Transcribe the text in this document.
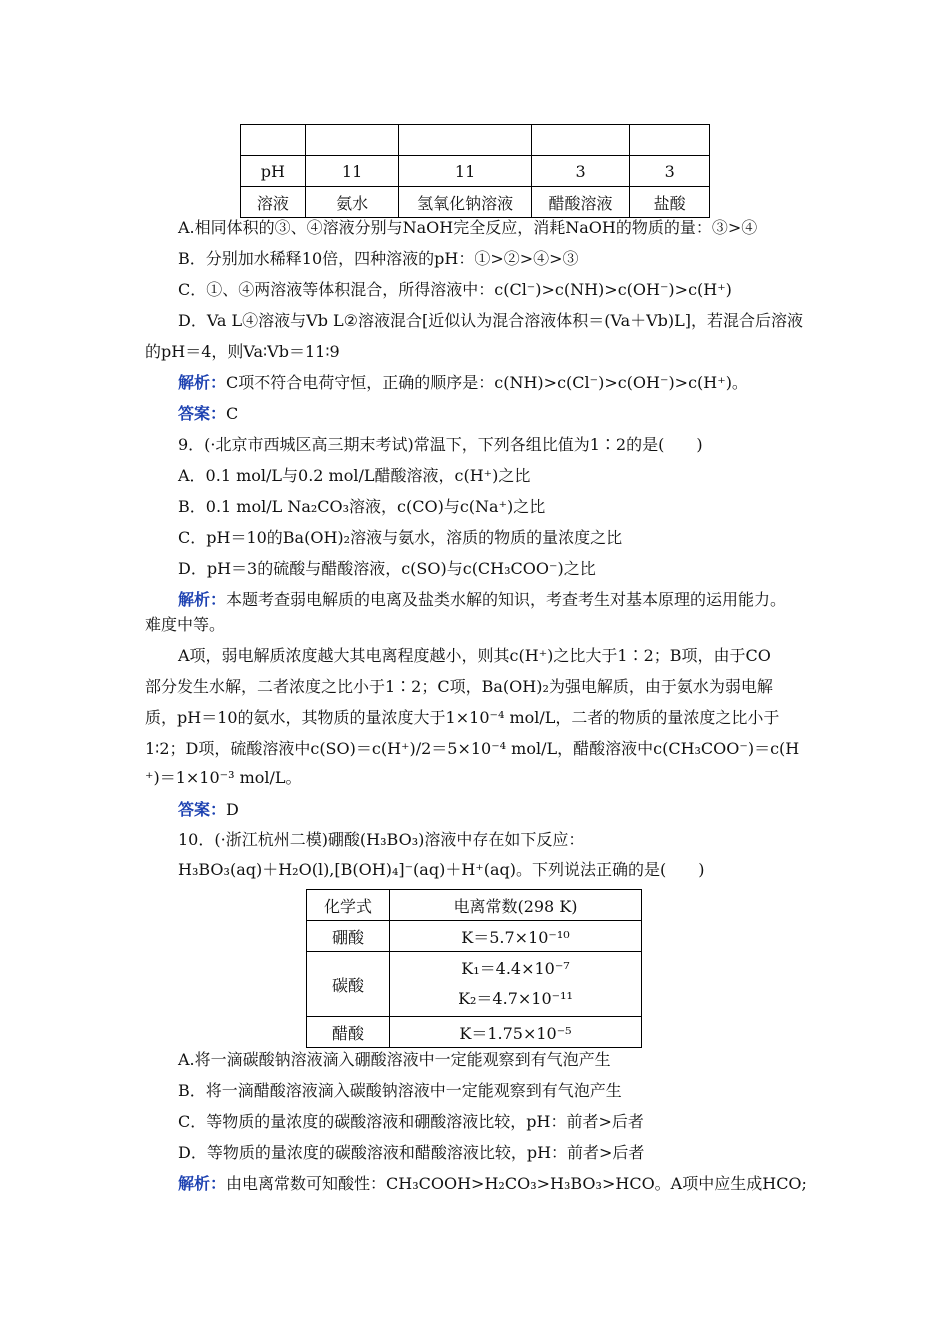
pH	11	11	3	3
溶液	氨水	氢氧化钠溶液	醋酸溶液	盐酸
A.相同体积的③、④溶液分别与NaOH完全反应，消耗NaOH的物质的量：③>④
B．分别加水稀释10倍，四种溶液的pH：①>②>④>③
C．①、④两溶液等体积混合，所得溶液中：c(Cl⁻)>c(NH)>c(OH⁻)>c(H⁺)
D．Va L④溶液与Vb L②溶液混合[近似认为混合溶液体积＝(Va＋Vb)L]，若混合后溶液
的pH＝4，则Va∶Vb＝11∶9
解析：C项不符合电荷守恒，正确的顺序是：c(NH)>c(Cl⁻)>c(OH⁻)>c(H⁺)。
答案：C
9．(·北京市西城区高三期末考试)常温下，下列各组比值为1∶2的是(　　)
A．0.1 mol/L与0.2 mol/L醋酸溶液，c(H⁺)之比
B．0.1 mol/L Na₂CO₃溶液，c(CO)与c(Na⁺)之比
C．pH＝10的Ba(OH)₂溶液与氨水，溶质的物质的量浓度之比
D．pH＝3的硫酸与醋酸溶液，c(SO)与c(CH₃COO⁻)之比
解析：本题考查弱电解质的电离及盐类水解的知识，考查考生对基本原理的运用能力。
难度中等。
A项，弱电解质浓度越大其电离程度越小，则其c(H⁺)之比大于1∶2；B项，由于CO
部分发生水解，二者浓度之比小于1∶2；C项，Ba(OH)₂为强电解质，由于氨水为弱电解
质，pH＝10的氨水，其物质的量浓度大于1×10⁻⁴ mol/L，二者的物质的量浓度之比小于
1∶2；D项，硫酸溶液中c(SO)＝c(H⁺)/2＝5×10⁻⁴ mol/L，醋酸溶液中c(CH₃COO⁻)＝c(H
⁺)＝1×10⁻³ mol/L。
答案：D
10．(·浙江杭州二模)硼酸(H₃BO₃)溶液中存在如下反应：
H₃BO₃(aq)＋H₂O(l),[B(OH)₄]⁻(aq)＋H⁺(aq)。下列说法正确的是(　　)
化学式	电离常数(298 K)
硼酸	K＝5.7×10⁻¹⁰
碳酸	K₁＝4.4×10⁻⁷
K₂＝4.7×10⁻¹¹

醋酸	K＝1.75×10⁻⁵
A.将一滴碳酸钠溶液滴入硼酸溶液中一定能观察到有气泡产生
B．将一滴醋酸溶液滴入碳酸钠溶液中一定能观察到有气泡产生
C．等物质的量浓度的碳酸溶液和硼酸溶液比较，pH：前者>后者
D．等物质的量浓度的碳酸溶液和醋酸溶液比较，pH：前者>后者
解析：由电离常数可知酸性：CH₃COOH>H₂CO₃>H₃BO₃>HCO。A项中应生成HCO;
